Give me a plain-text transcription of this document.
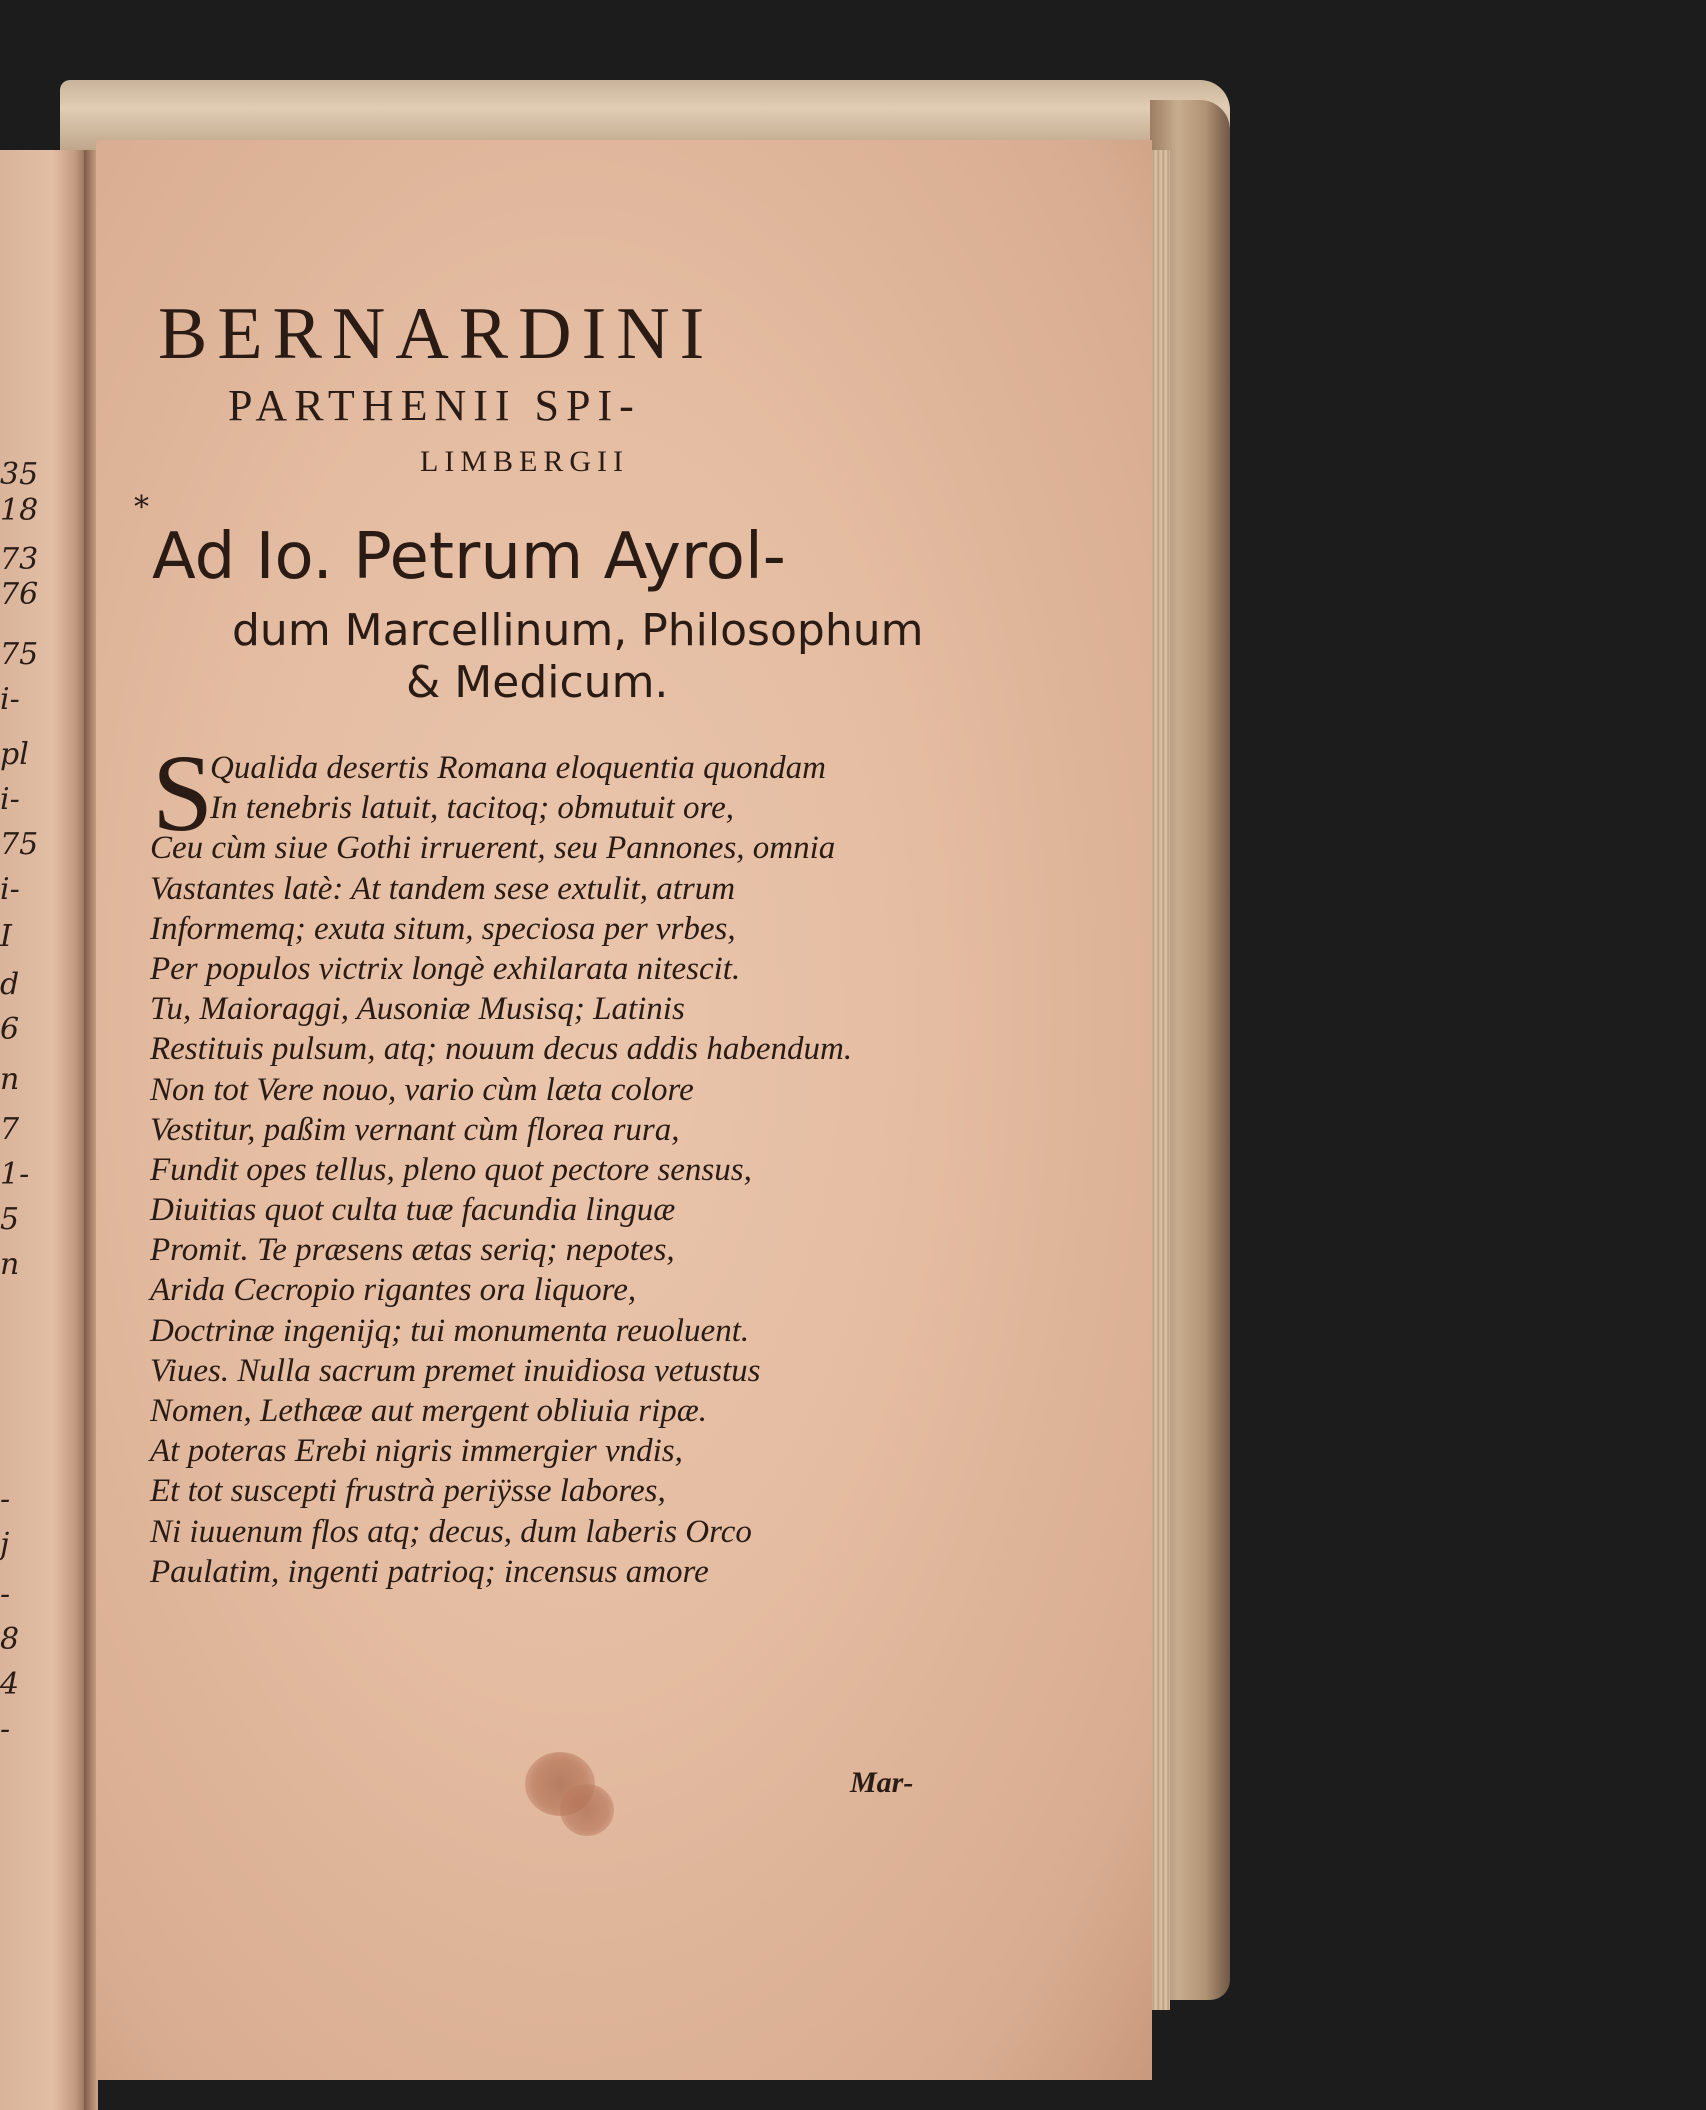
35
18
73
76
75
i-
pl
i-
75
i-
I
d
6
n
7
1-
5
n
-
j
-
8
4
-
BERNARDINI
PARTHENII SPI-
LIMBERGII
*
Ad Io. Petrum Ayrol-
dum Marcellinum, Philosophum
& Medicum.
S
Qualida desertis Romana eloquentia quondam
In tenebris latuit, tacitoq; obmutuit ore,
Ceu cùm siue Gothi irruerent, seu Pannones, omnia
Vastantes latè: At tandem sese extulit, atrum
Informemq; exuta situm, speciosa per vrbes,
Per populos victrix longè exhilarata nitescit.
Tu, Maioraggi, Ausoniæ Musisq; Latinis
Restituis pulsum, atq; nouum decus addis habendum.
Non tot Vere nouo, vario cùm læta colore
Vestitur, paßim vernant cùm florea rura,
Fundit opes tellus, pleno quot pectore sensus,
Diuitias quot culta tuæ facundia linguæ
Promit. Te præsens ætas seriq; nepotes,
Arida Cecropio rigantes ora liquore,
Doctrinæ ingenijq; tui monumenta reuoluent.
Viues. Nulla sacrum premet inuidiosa vetustus
Nomen, Lethææ aut mergent obliuia ripæ.
At poteras Erebi nigris immergier vndis,
Et tot suscepti frustrà periÿsse labores,
Ni iuuenum flos atq; decus, dum laberis Orco
Paulatim, ingenti patrioq; incensus amore
Mar-
